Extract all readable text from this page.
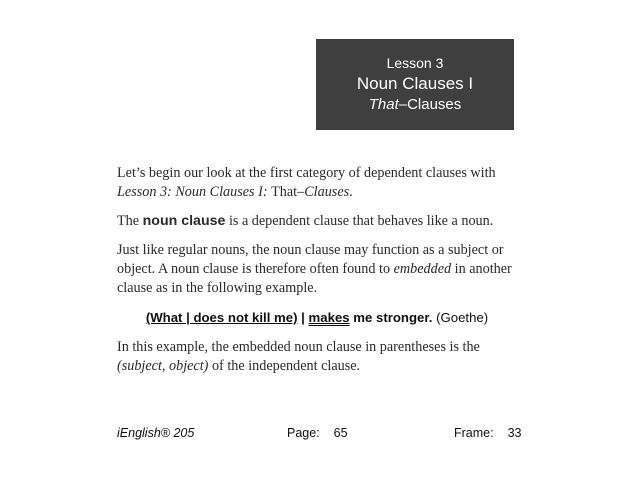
Lesson 3
Noun Clauses I
That–Clauses

Let’s begin our look at the first category of dependent clauses with
Lesson 3: Noun Clauses I: That–Clauses.

The noun clause is a dependent clause that behaves like a noun.

Just like regular nouns, the noun clause may function as a subject or object. A noun clause is therefore often found to embedded in another clause as in the following example.

(What | does not kill me) | makes me stronger. (Goethe)

In this example, the embedded noun clause in parentheses is the
(subject, object) of the independent clause.

iEnglish® 205	Page: 65	Frame: 33
